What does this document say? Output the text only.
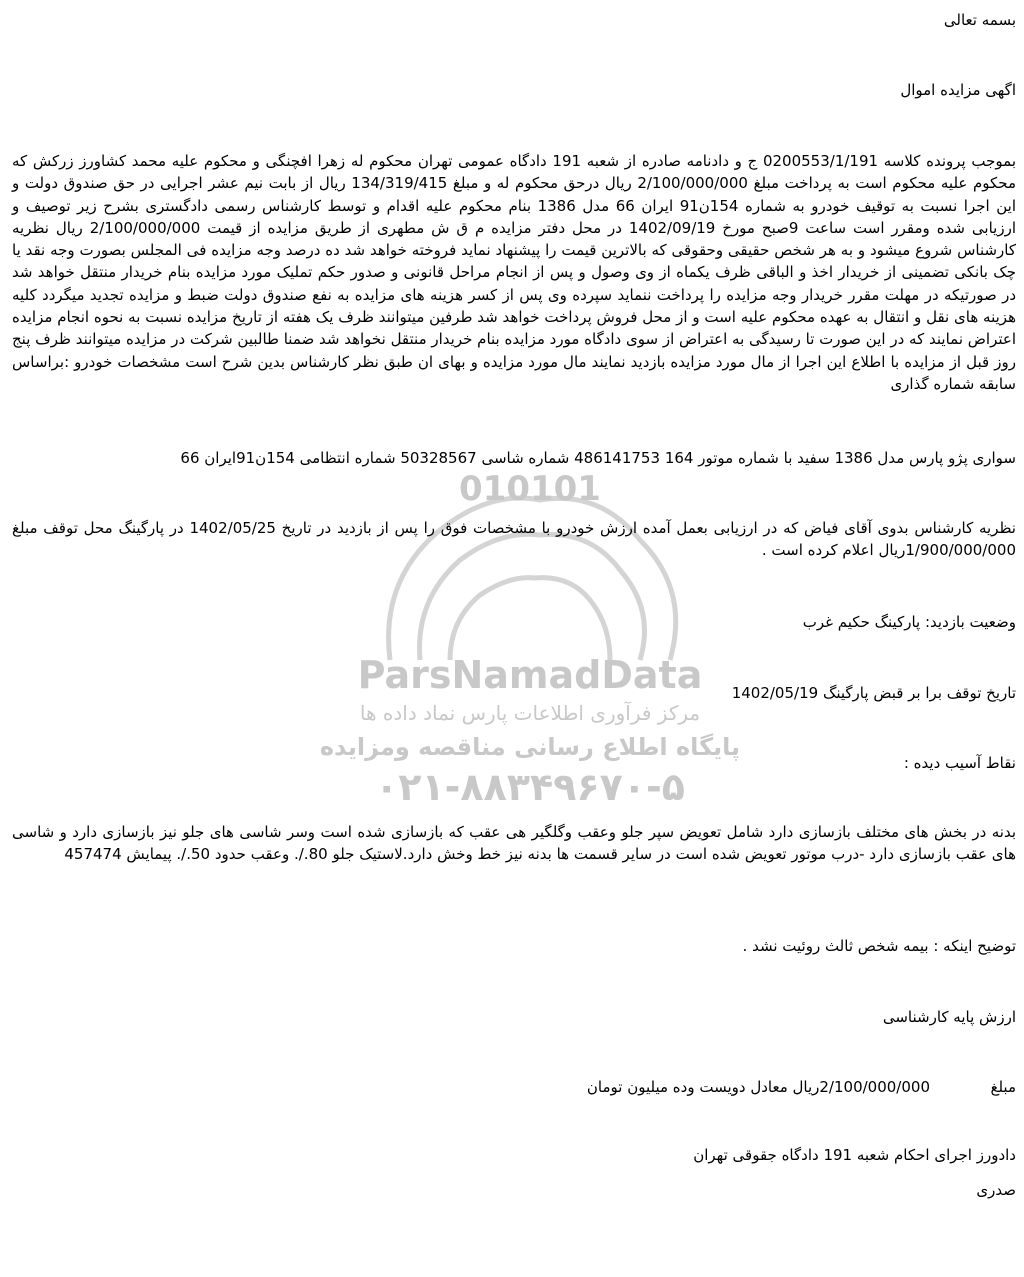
010101
ParsNamadData
مرکز فرآوری اطلاعات پارس نماد داده ها
پایگاه اطلاع رسانی مناقصه ومزایده
۰۲۱-۸۸۳۴۹۶۷۰-۵
بسمه تعالی
اگهی مزایده اموال
بموجب پرونده کلاسه 0200553/1/191 ج و دادنامه صادره از شعبه 191 دادگاه عمومی تهران محکوم له زهرا افچنگی و محکوم علیه محمد کشاورز زرکش که محکوم علیه محکوم است به پرداخت مبلغ 2/100/000/000 ریال درحق محکوم له و مبلغ 134/319/415 ریال از بابت نیم عشر اجرایی در حق صندوق دولت و این اجرا نسبت به توقیف خودرو به شماره 154ن91 ایران 66 مدل 1386 بنام محکوم علیه اقدام و توسط کارشناس رسمی دادگستری بشرح زیر توصیف و ارزیابی شده ومقرر است ساعت 9صبح مورخ 1402/09/19 در محل دفتر مزایده م ق ش مطهری از طریق مزایده از قیمت 2/100/000/000 ریال نظریه کارشناس شروع میشود و به هر شخص حقیقی وحقوقی که بالاترین قیمت را پیشنهاد نماید فروخته خواهد شد ده درصد وجه مزایده فی المجلس بصورت وجه نقد یا چک بانکی تضمینی از خریدار اخذ و الباقی ظرف یکماه از وی وصول و پس از انجام مراحل قانونی و صدور حکم تملیک مورد مزایده بنام خریدار منتقل خواهد شد در صورتیکه در مهلت مقرر خریدار وجه مزایده را پرداخت ننماید سپرده وی پس از کسر هزینه های مزایده به نفع صندوق دولت ضبط و مزایده تجدید میگردد کلیه هزینه های نقل و انتقال به عهده محکوم علیه است و از محل فروش پرداخت خواهد شد طرفین میتوانند ظرف یک هفته از تاریخ مزایده نسبت به نحوه انجام مزایده اعتراض نمایند که در این صورت تا رسیدگی به اعتراض از سوی دادگاه مورد مزایده بنام خریدار منتقل نخواهد شد ضمنا طالبین شرکت در مزایده میتوانند ظرف پنج روز قبل از مزایده با اطلاع این اجرا از مال مورد مزایده بازدید نمایند مال مورد مزایده و بهای ان طبق نظر کارشناس بدین شرح است مشخصات خودرو :براساس سابقه شماره گذاری
سواری پژو پارس مدل 1386 سفید با شماره موتور 164 486141753 شماره شاسی 50328567 شماره انتظامی 154ن91ایران 66
نظریه کارشناس بدوی آقای فیاض که در ارزیابی بعمل آمده ارزش خودرو با مشخصات فوق را پس از بازدید در تاریخ 1402/05/25 در پارگینگ محل توقف مبلغ 1/900/000/000ریال اعلام کرده است .
وضعیت بازدید: پارکینگ حکیم غرب
تاریخ توقف برا بر قبض پارگینگ 1402/05/19
نقاط آسیب دیده :
بدنه در بخش های مختلف بازسازی دارد شامل تعویض سپر جلو وعقب وگلگیر هی عقب که بازسازی شده است وسر شاسی های جلو نیز بازسازی دارد و شاسی های عقب بازسازی دارد -درب موتور تعویض شده است در سایر قسمت ها بدنه نیز خط وخش دارد.لاستیک جلو 80./. وعقب حدود 50./. پیمایش 457474
توضیح اینکه : بیمه شخص ثالث روئیت نشد .
ارزش پایه کارشناسی
مبلغ
2/100/000/000ریال معادل دویست وده میلیون تومان
دادورز اجرای احکام شعبه 191 دادگاه جقوقی تهران
صدری
